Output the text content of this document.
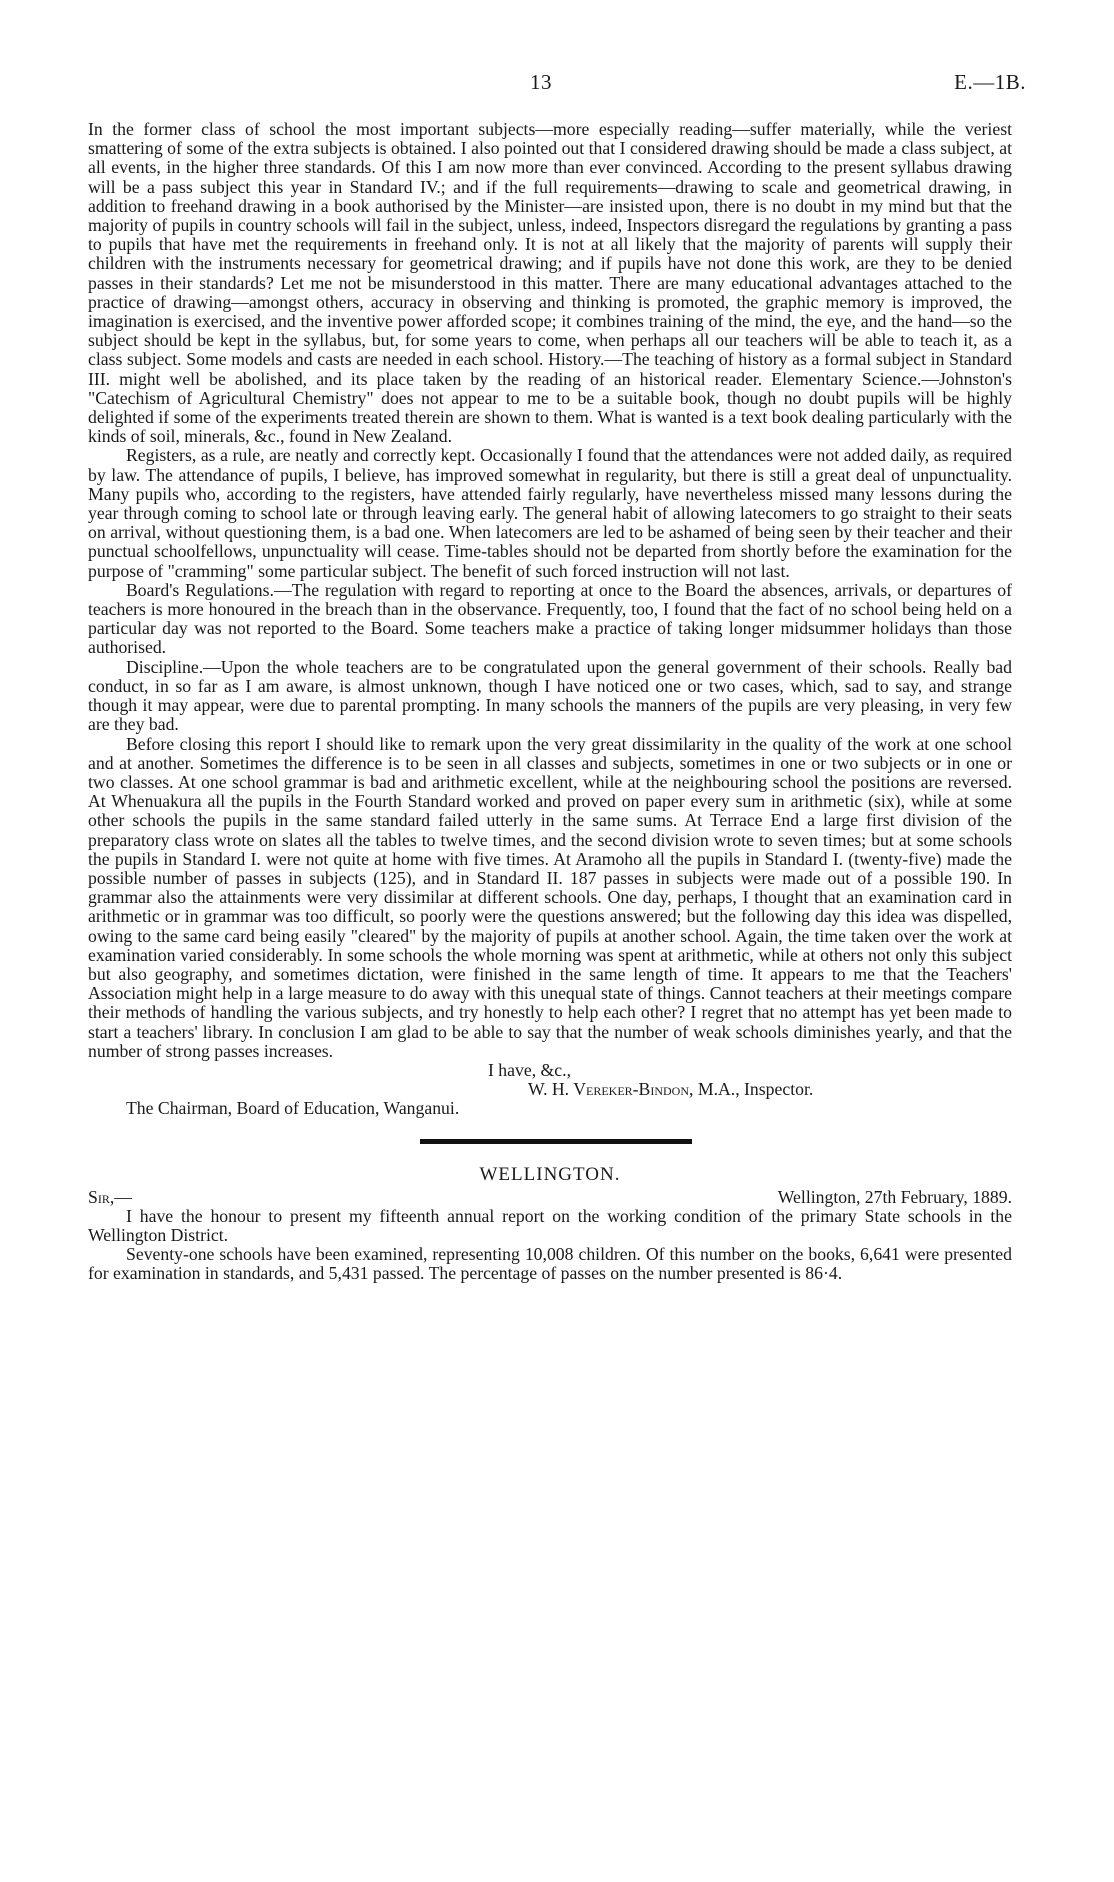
13	E.—1B.

In the former class of school the most important subjects—more especially reading—suffer materially, while the veriest smattering of some of the extra subjects is obtained. I also pointed out that I considered drawing should be made a class subject, at all events, in the higher three standards. Of this I am now more than ever convinced. According to the present syllabus drawing will be a pass subject this year in Standard IV.; and if the full requirements—drawing to scale and geometrical drawing, in addition to freehand drawing in a book authorised by the Minister—are insisted upon, there is no doubt in my mind but that the majority of pupils in country schools will fail in the subject, unless, indeed, Inspectors disregard the regulations by granting a pass to pupils that have met the requirements in freehand only. It is not at all likely that the majority of parents will supply their children with the instruments necessary for geometrical drawing; and if pupils have not done this work, are they to be denied passes in their standards? Let me not be misunderstood in this matter. There are many educational advantages attached to the practice of drawing—amongst others, accuracy in observing and thinking is promoted, the graphic memory is improved, the imagination is exercised, and the inventive power afforded scope; it combines training of the mind, the eye, and the hand—so the subject should be kept in the syllabus, but, for some years to come, when perhaps all our teachers will be able to teach it, as a class subject. Some models and casts are needed in each school. History.—The teaching of history as a formal subject in Standard III. might well be abolished, and its place taken by the reading of an historical reader. Elementary Science.—Johnston's "Catechism of Agricultural Chemistry" does not appear to me to be a suitable book, though no doubt pupils will be highly delighted if some of the experiments treated therein are shown to them. What is wanted is a text book dealing particularly with the kinds of soil, minerals, &c., found in New Zealand.

Registers, as a rule, are neatly and correctly kept. Occasionally I found that the attendances were not added daily, as required by law. The attendance of pupils, I believe, has improved somewhat in regularity, but there is still a great deal of unpunctuality. Many pupils who, according to the registers, have attended fairly regularly, have nevertheless missed many lessons during the year through coming to school late or through leaving early. The general habit of allowing latecomers to go straight to their seats on arrival, without questioning them, is a bad one. When latecomers are led to be ashamed of being seen by their teacher and their punctual schoolfellows, unpunctuality will cease. Time-tables should not be departed from shortly before the examination for the purpose of "cramming" some particular subject. The benefit of such forced instruction will not last.

Board's Regulations.—The regulation with regard to reporting at once to the Board the absences, arrivals, or departures of teachers is more honoured in the breach than in the observance. Frequently, too, I found that the fact of no school being held on a particular day was not reported to the Board. Some teachers make a practice of taking longer midsummer holidays than those authorised.

Discipline.—Upon the whole teachers are to be congratulated upon the general government of their schools. Really bad conduct, in so far as I am aware, is almost unknown, though I have noticed one or two cases, which, sad to say, and strange though it may appear, were due to parental prompting. In many schools the manners of the pupils are very pleasing, in very few are they bad.

Before closing this report I should like to remark upon the very great dissimilarity in the quality of the work at one school and at another. Sometimes the difference is to be seen in all classes and subjects, sometimes in one or two subjects or in one or two classes. At one school grammar is bad and arithmetic excellent, while at the neighbouring school the positions are reversed. At Whenuakura all the pupils in the Fourth Standard worked and proved on paper every sum in arithmetic (six), while at some other schools the pupils in the same standard failed utterly in the same sums. At Terrace End a large first division of the preparatory class wrote on slates all the tables to twelve times, and the second division wrote to seven times; but at some schools the pupils in Standard I. were not quite at home with five times. At Aramoho all the pupils in Standard I. (twenty-five) made the possible number of passes in subjects (125), and in Standard II. 187 passes in subjects were made out of a possible 190. In grammar also the attainments were very dissimilar at different schools. One day, perhaps, I thought that an examination card in arithmetic or in grammar was too difficult, so poorly were the questions answered; but the following day this idea was dispelled, owing to the same card being easily "cleared" by the majority of pupils at another school. Again, the time taken over the work at examination varied considerably. In some schools the whole morning was spent at arithmetic, while at others not only this subject but also geography, and sometimes dictation, were finished in the same length of time. It appears to me that the Teachers' Association might help in a large measure to do away with this unequal state of things. Cannot teachers at their meetings compare their methods of handling the various subjects, and try honestly to help each other? I regret that no attempt has yet been made to start a teachers' library. In conclusion I am glad to be able to say that the number of weak schools diminishes yearly, and that the number of strong passes increases.

I have, &c.,
W. H. Vereker-Bindon, M.A., Inspector.
The Chairman, Board of Education, Wanganui.
WELLINGTON.
Sir,—	Wellington, 27th February, 1889.

I have the honour to present my fifteenth annual report on the working condition of the primary State schools in the Wellington District.

Seventy-one schools have been examined, representing 10,008 children. Of this number on the books, 6,641 were presented for examination in standards, and 5,431 passed. The percentage of passes on the number presented is 86·4.
